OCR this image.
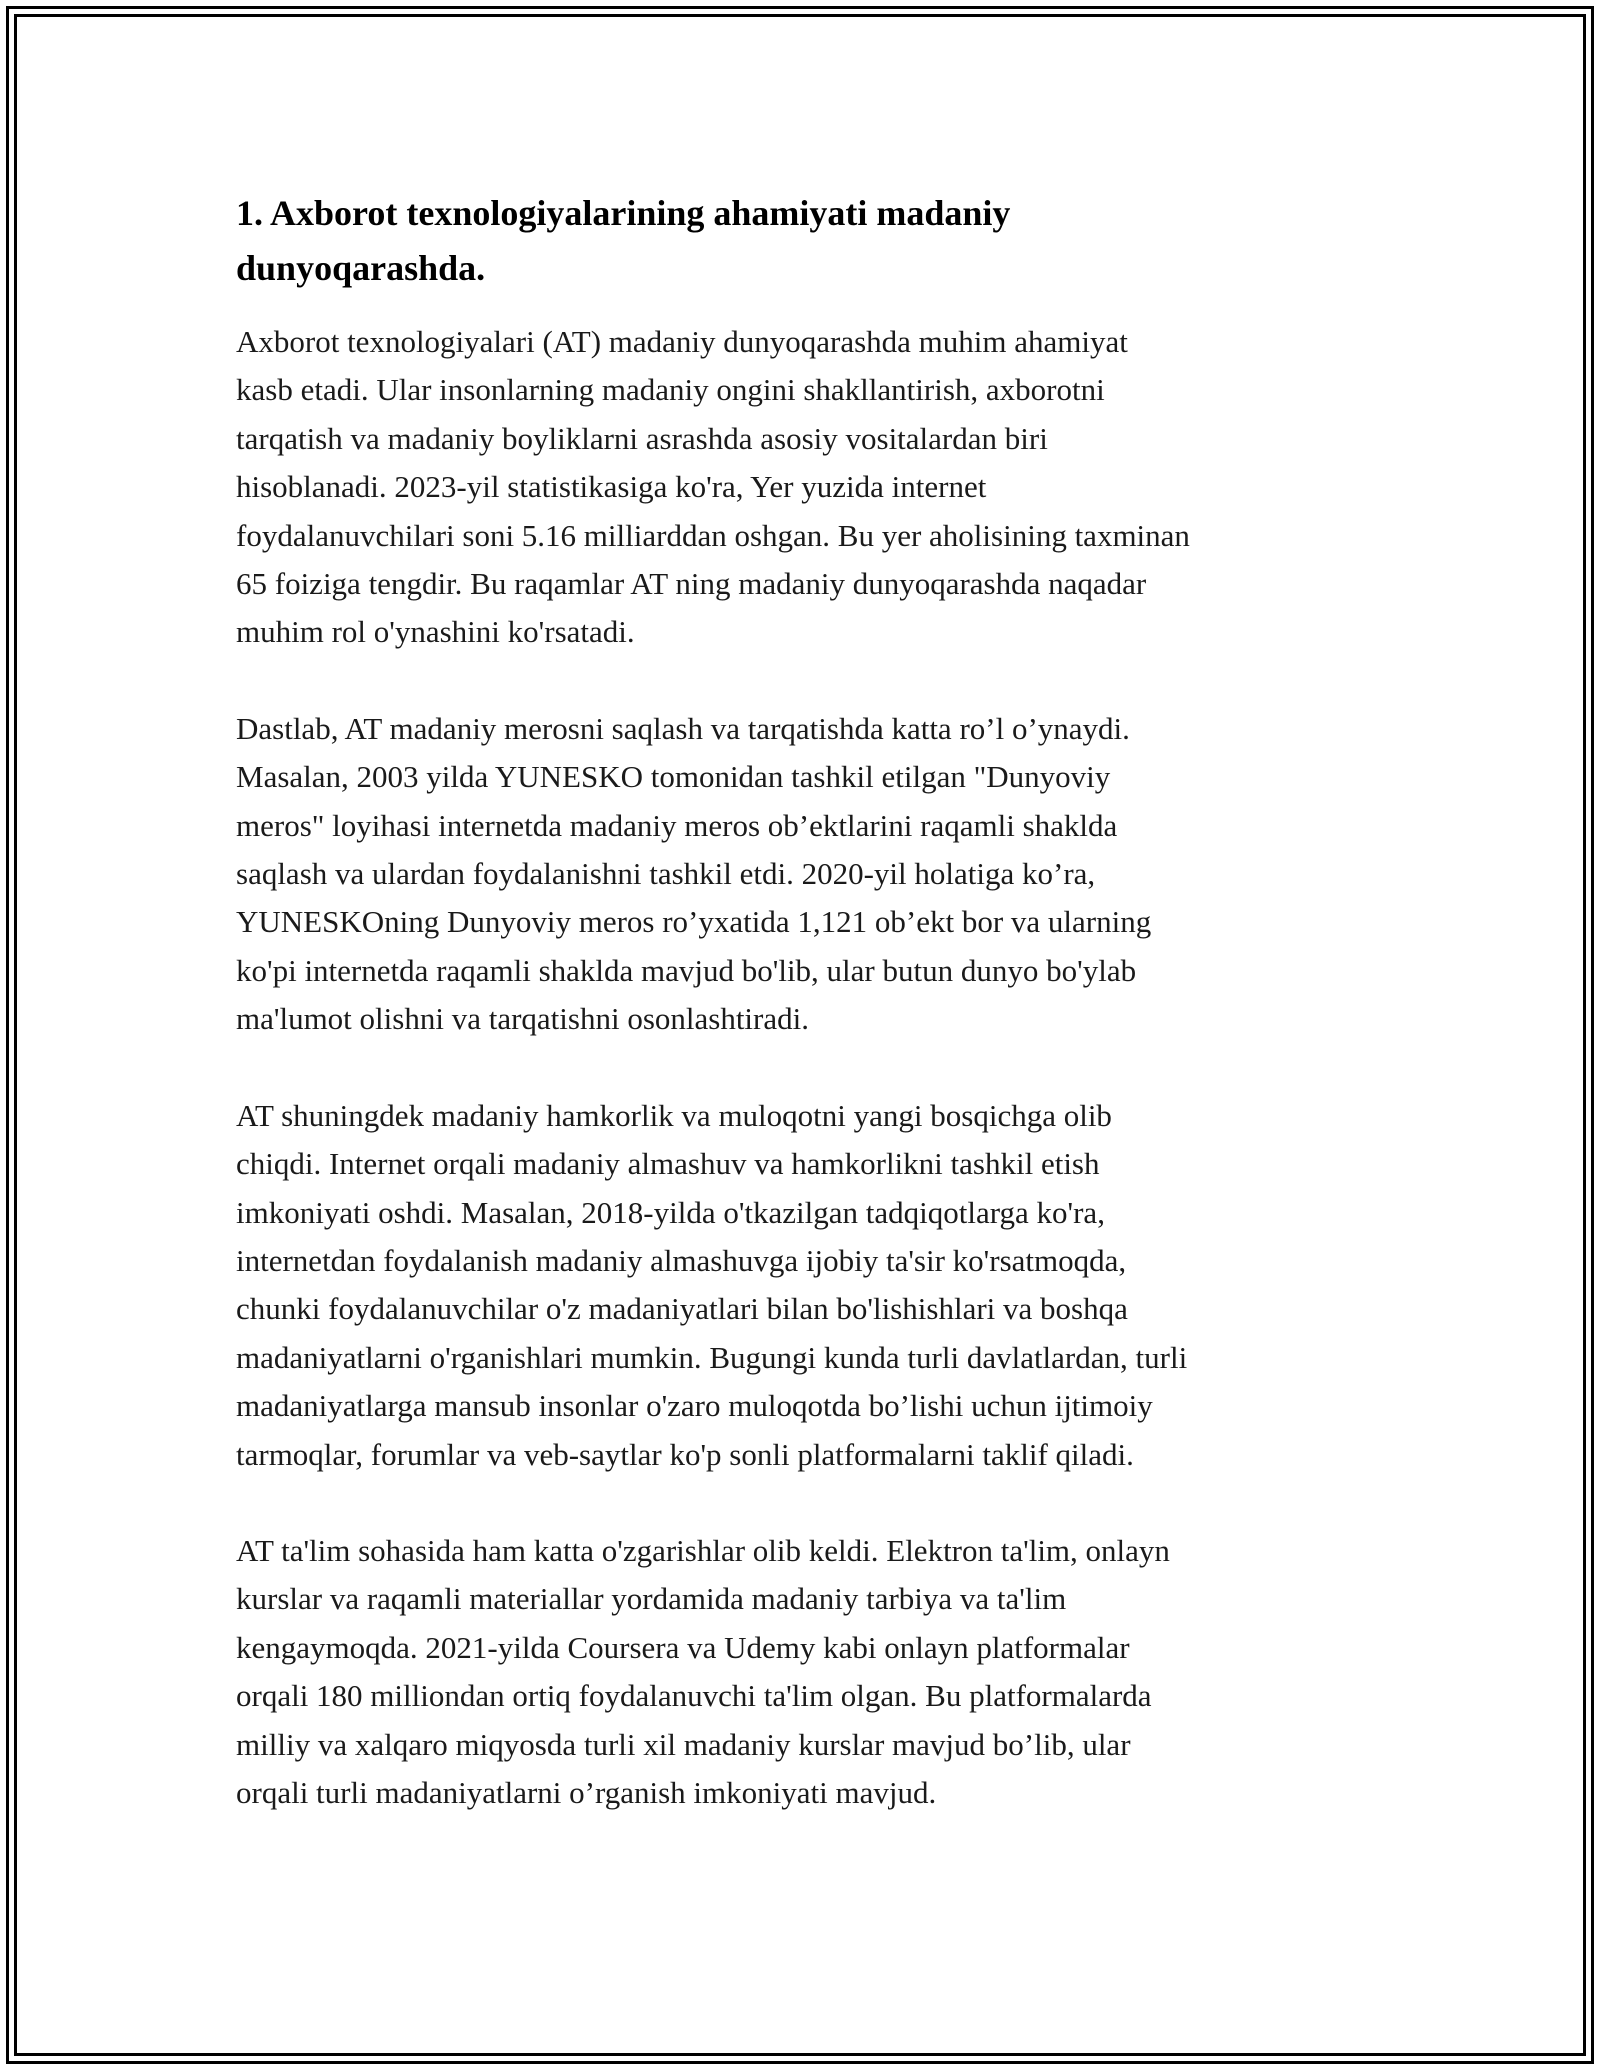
1. Axborot texnologiyalarining ahamiyati madaniy
dunyoqarashda.

Axborot texnologiyalari (AT) madaniy dunyoqarashda muhim ahamiyat
kasb etadi. Ular insonlarning madaniy ongini shakllantirish, axborotni
tarqatish va madaniy boyliklarni asrashda asosiy vositalardan biri
hisoblanadi. 2023-yil statistikasiga ko'ra, Yer yuzida internet
foydalanuvchilari soni 5.16 milliarddan oshgan. Bu yer aholisining taxminan
65 foiziga tengdir. Bu raqamlar AT ning madaniy dunyoqarashda naqadar
muhim rol o'ynashini ko'rsatadi.

Dastlab, AT madaniy merosni saqlash va tarqatishda katta ro’l o’ynaydi.
Masalan, 2003 yilda YUNESKO tomonidan tashkil etilgan "Dunyoviy
meros" loyihasi internetda madaniy meros ob’ektlarini raqamli shaklda
saqlash va ulardan foydalanishni tashkil etdi. 2020-yil holatiga ko’ra,
YUNESKOning Dunyoviy meros ro’yxatida 1,121 ob’ekt bor va ularning
ko'pi internetda raqamli shaklda mavjud bo'lib, ular butun dunyo bo'ylab
ma'lumot olishni va tarqatishni osonlashtiradi.

AT shuningdek madaniy hamkorlik va muloqotni yangi bosqichga olib
chiqdi. Internet orqali madaniy almashuv va hamkorlikni tashkil etish
imkoniyati oshdi. Masalan, 2018-yilda o'tkazilgan tadqiqotlarga ko'ra,
internetdan foydalanish madaniy almashuvga ijobiy ta'sir ko'rsatmoqda,
chunki foydalanuvchilar o'z madaniyatlari bilan bo'lishishlari va boshqa
madaniyatlarni o'rganishlari mumkin. Bugungi kunda turli davlatlardan, turli
madaniyatlarga mansub insonlar o'zaro muloqotda bo’lishi uchun ijtimoiy
tarmoqlar, forumlar va veb-saytlar ko'p sonli platformalarni taklif qiladi.

AT ta'lim sohasida ham katta o'zgarishlar olib keldi. Elektron ta'lim, onlayn
kurslar va raqamli materiallar yordamida madaniy tarbiya va ta'lim
kengaymoqda. 2021-yilda Coursera va Udemy kabi onlayn platformalar
orqali 180 milliondan ortiq foydalanuvchi ta'lim olgan. Bu platformalarda
milliy va xalqaro miqyosda turli xil madaniy kurslar mavjud bo’lib, ular
orqali turli madaniyatlarni o’rganish imkoniyati mavjud.
